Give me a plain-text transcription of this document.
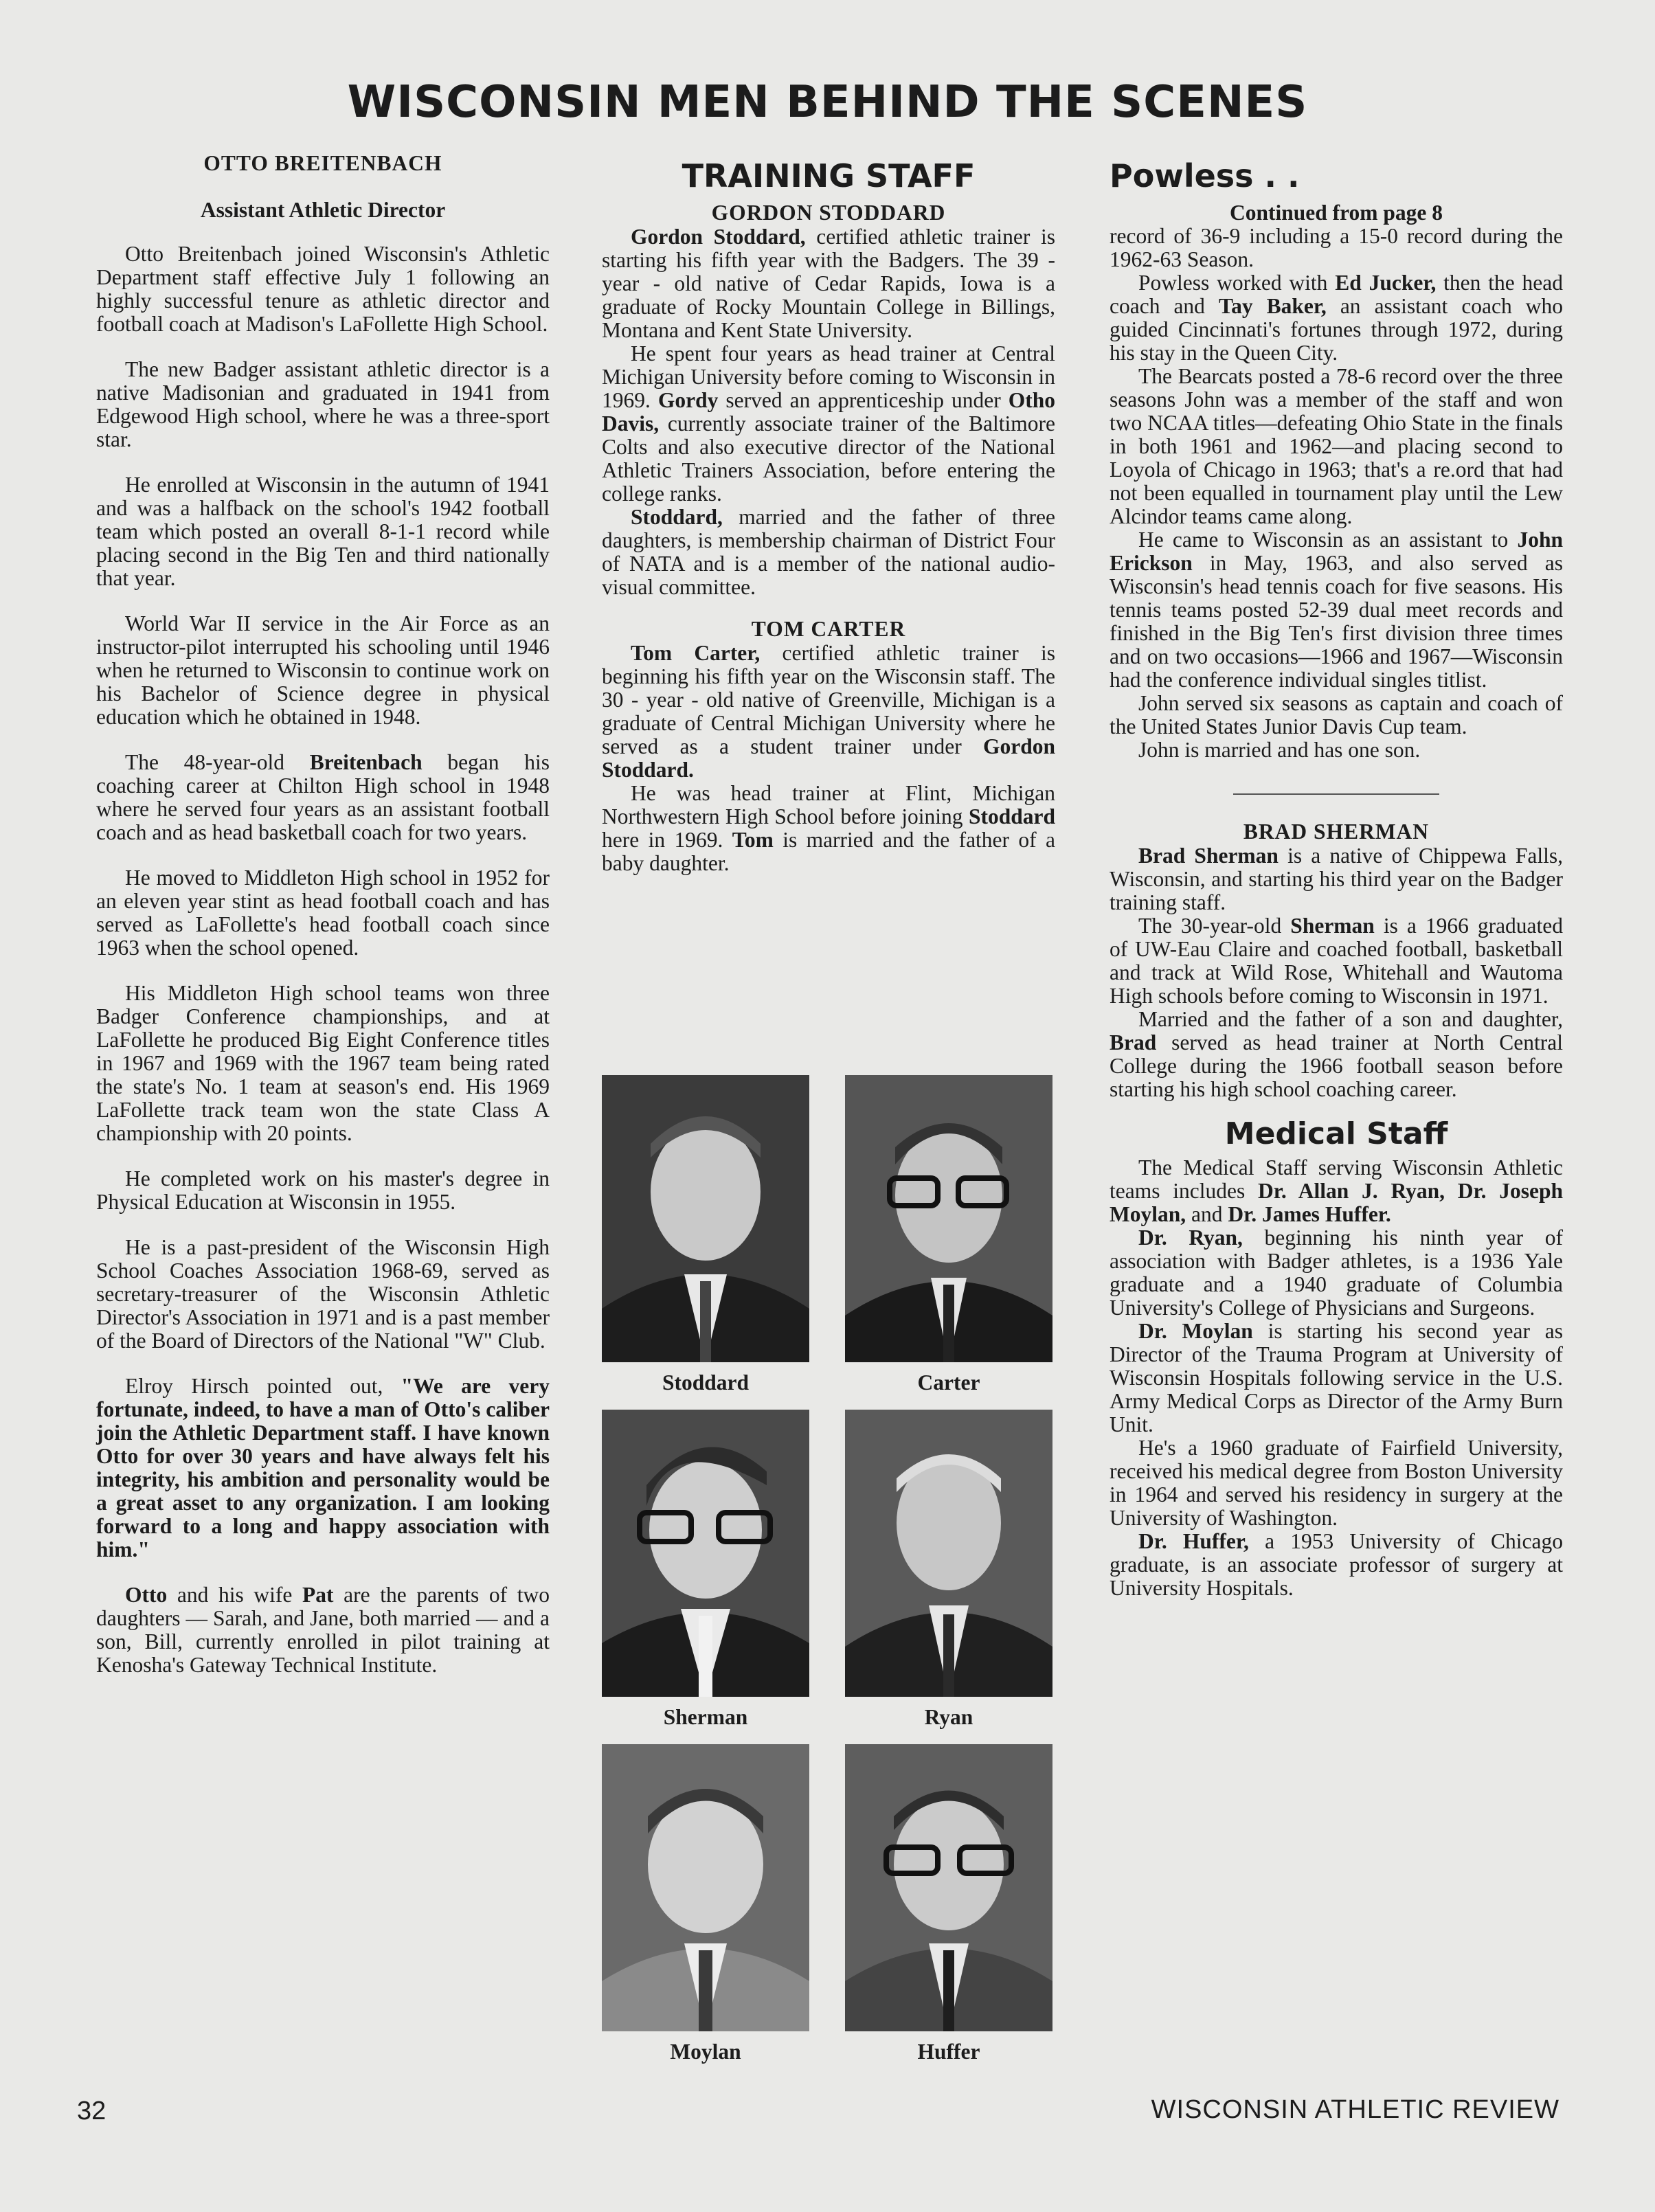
WISCONSIN MEN BEHIND THE SCENES

OTTO BREITENBACH

Assistant Athletic Director

Otto Breitenbach joined Wisconsin's Athletic Department staff effective July 1 following an highly successful tenure as athletic director and football coach at Madison's LaFollette High School.

The new Badger assistant athletic director is a native Madisonian and graduated in 1941 from Edgewood High school, where he was a three-sport star.

He enrolled at Wisconsin in the autumn of 1941 and was a halfback on the school's 1942 football team which posted an overall 8-1-1 record while placing second in the Big Ten and third nationally that year.

World War II service in the Air Force as an instructor-pilot interrupted his schooling until 1946 when he returned to Wisconsin to continue work on his Bachelor of Science degree in physical education which he obtained in 1948.

The 48-year-old Breitenbach began his coaching career at Chilton High school in 1948 where he served four years as an assistant football coach and as head basketball coach for two years.

He moved to Middleton High school in 1952 for an eleven year stint as head football coach and has served as LaFollette's head football coach since 1963 when the school opened.

His Middleton High school teams won three Badger Conference championships, and at LaFollette he produced Big Eight Conference titles in 1967 and 1969 with the 1967 team being rated the state's No. 1 team at season's end. His 1969 LaFollette track team won the state Class A championship with 20 points.

He completed work on his master's degree in Physical Education at Wisconsin in 1955.

He is a past-president of the Wisconsin High School Coaches Association 1968-69, served as secretary-treasurer of the Wisconsin Athletic Director's Association in 1971 and is a past member of the Board of Directors of the National "W" Club.

Elroy Hirsch pointed out, "We are very fortunate, indeed, to have a man of Otto's caliber join the Athletic Department staff. I have known Otto for over 30 years and have always felt his integrity, his ambition and personality would be a great asset to any organization. I am looking forward to a long and happy association with him."

Otto and his wife Pat are the parents of two daughters — Sarah, and Jane, both married — and a son, Bill, currently enrolled in pilot training at Kenosha's Gateway Technical Institute.

TRAINING STAFF

GORDON STODDARD

Gordon Stoddard, certified athletic trainer is starting his fifth year with the Badgers. The 39 - year - old native of Cedar Rapids, Iowa is a graduate of Rocky Mountain College in Billings, Montana and Kent State University.

He spent four years as head trainer at Central Michigan University before coming to Wisconsin in 1969. Gordy served an apprenticeship under Otho Davis, currently associate trainer of the Baltimore Colts and also executive director of the National Athletic Trainers Association, before entering the college ranks.

Stoddard, married and the father of three daughters, is membership chairman of District Four of NATA and is a member of the national audio-visual committee.

TOM CARTER

Tom Carter, certified athletic trainer is beginning his fifth year on the Wisconsin staff. The 30 - year - old native of Greenville, Michigan is a graduate of Central Michigan University where he served as a student trainer under Gordon Stoddard.

He was head trainer at Flint, Michigan Northwestern High School before joining Stoddard here in 1969. Tom is married and the father of a baby daughter.

Stoddard	Carter
Sherman	Ryan
Moylan	Huffer

Powless . .

Continued from page 8

record of 36-9 including a 15-0 record during the 1962-63 Season.

Powless worked with Ed Jucker, then the head coach and Tay Baker, an assistant coach who guided Cincinnati's fortunes through 1972, during his stay in the Queen City.

The Bearcats posted a 78-6 record over the three seasons John was a member of the staff and won two NCAA titles—defeating Ohio State in the finals in both 1961 and 1962—and placing second to Loyola of Chicago in 1963; that's a re.ord that had not been equalled in tournament play until the Lew Alcindor teams came along.

He came to Wisconsin as an assistant to John Erickson in May, 1963, and also served as Wisconsin's head tennis coach for five seasons. His tennis teams posted 52-39 dual meet records and finished in the Big Ten's first division three times and on two occasions—1966 and 1967—Wisconsin had the conference individual singles titlist.

John served six seasons as captain and coach of the United States Junior Davis Cup team.

John is married and has one son.

BRAD SHERMAN

Brad Sherman is a native of Chippewa Falls, Wisconsin, and starting his third year on the Badger training staff.

The 30-year-old Sherman is a 1966 graduated of UW-Eau Claire and coached football, basketball and track at Wild Rose, Whitehall and Wautoma High schools before coming to Wisconsin in 1971.

Married and the father of a son and daughter, Brad served as head trainer at North Central College during the 1966 football season before starting his high school coaching career.

Medical Staff

The Medical Staff serving Wisconsin Athletic teams includes Dr. Allan J. Ryan, Dr. Joseph Moylan, and Dr. James Huffer.

Dr. Ryan, beginning his ninth year of association with Badger athletes, is a 1936 Yale graduate and a 1940 graduate of Columbia University's College of Physicians and Surgeons.

Dr. Moylan is starting his second year as Director of the Trauma Program at University of Wisconsin Hospitals following service in the U.S. Army Medical Corps as Director of the Army Burn Unit.

He's a 1960 graduate of Fairfield University, received his medical degree from Boston University in 1964 and served his residency in surgery at the University of Washington.

Dr. Huffer, a 1953 University of Chicago graduate, is an associate professor of surgery at University Hospitals.

32	WISCONSIN ATHLETIC REVIEW
